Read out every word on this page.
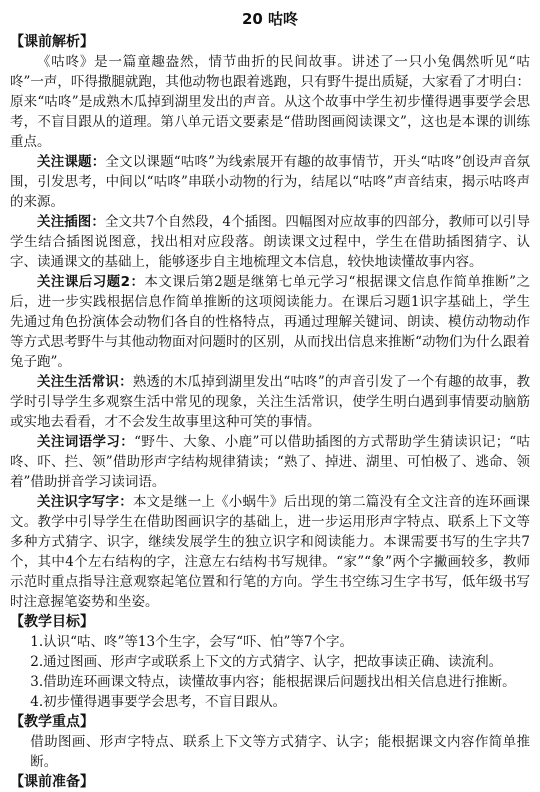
20 咕咚
【课前解析】

《咕咚》是一篇童趣盎然，情节曲折的民间故事。讲述了一只小兔偶然听见“咕咚”一声，吓得撒腿就跑，其他动物也跟着逃跑，只有野牛提出质疑，大家看了才明白：原来“咕咚”是成熟木瓜掉到湖里发出的声音。从这个故事中学生初步懂得遇事要学会思考，不盲目跟从的道理。第八单元语文要素是“借助图画阅读课文”，这也是本课的训练重点。

关注课题：全文以课题“咕咚”为线索展开有趣的故事情节，开头“咕咚”创设声音氛围，引发思考，中间以“咕咚”串联小动物的行为，结尾以“咕咚”声音结束，揭示咕咚声的来源。

关注插图：全文共7个自然段，4个插图。四幅图对应故事的四部分，教师可以引导学生结合插图说图意，找出相对应段落。朗读课文过程中，学生在借助插图猜字、认字、读通课文的基础上，能够逐步自主地梳理文本信息，较快地读懂故事内容。

关注课后习题2：本文课后第2题是继第七单元学习“根据课文信息作简单推断”之后，进一步实践根据信息作简单推断的这项阅读能力。在课后习题1识字基础上，学生先通过角色扮演体会动物们各自的性格特点，再通过理解关键词、朗读、模仿动物动作等方式思考野牛与其他动物面对问题时的区别，从而找出信息来推断“动物们为什么跟着兔子跑”。

关注生活常识：熟透的木瓜掉到湖里发出“咕咚”的声音引发了一个有趣的故事，教学时引导学生多观察生活中常见的现象，关注生活常识，使学生明白遇到事情要动脑筋或实地去看看，才不会发生故事里这种可笑的事情。

关注词语学习：“野牛、大象、小鹿”可以借助插图的方式帮助学生猜读识记；“咕咚、吓、拦、领”借助形声字结构规律猜读；“熟了、掉进、湖里、可怕极了、逃命、领着”借助拼音学习读词语。

关注识字写字：本文是继一上《小蜗牛》后出现的第二篇没有全文注音的连环画课文。教学中引导学生在借助图画识字的基础上，进一步运用形声字特点、联系上下文等多种方式猜字、识字，继续发展学生的独立识字和阅读能力。本课需要书写的生字共7个，其中4个左右结构的字，注意左右结构书写规律。“家”“象”两个字撇画较多，教师示范时重点指导注意观察起笔位置和行笔的方向。学生书空练习生字书写，低年级书写时注意握笔姿势和坐姿。

【教学目标】
1.认识“咕、咚”等13个生字，会写“吓、怕”等7个字。
2.通过图画、形声字或联系上下文的方式猜字、认字，把故事读正确、读流利。
3.借助连环画课文特点，读懂故事内容；能根据课后问题找出相关信息进行推断。
4.初步懂得遇事要学会思考，不盲目跟从。
【教学重点】
借助图画、形声字特点、联系上下文等方式猜字、认字；能根据课文内容作简单推断。
【课前准备】
